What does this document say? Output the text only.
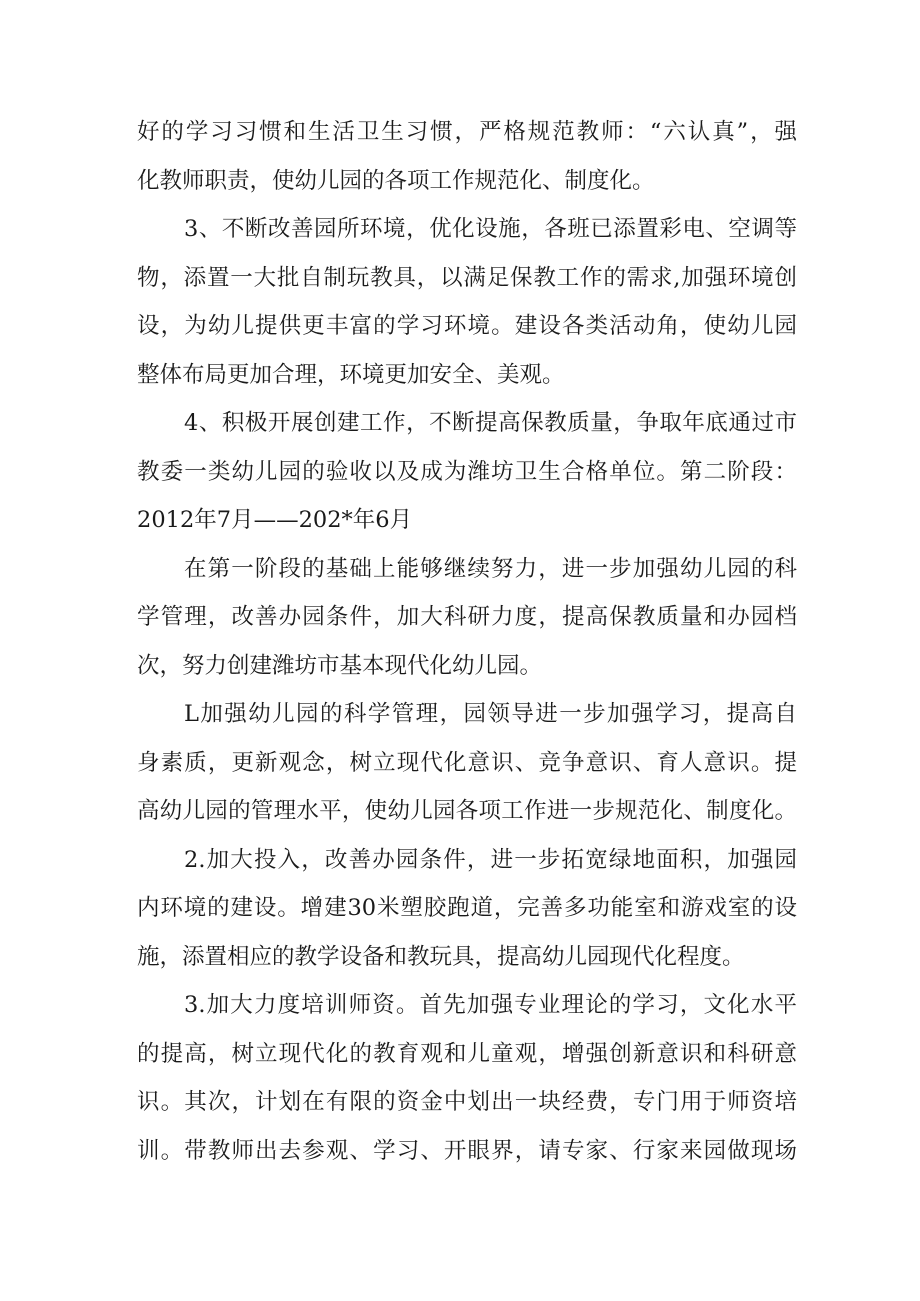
好的学习习惯和生活卫生习惯，严格规范教师：“六认真”，强
化教师职责，使幼儿园的各项工作规范化、制度化。
3、不断改善园所环境，优化设施，各班已添置彩电、空调等
物，添置一大批自制玩教具，以满足保教工作的需求,加强环境创
设，为幼儿提供更丰富的学习环境。建设各类活动角，使幼儿园
整体布局更加合理，环境更加安全、美观。
4、积极开展创建工作，不断提高保教质量，争取年底通过市
教委一类幼儿园的验收以及成为潍坊卫生合格单位。第二阶段：
2012年7月——202*年6月
在第一阶段的基础上能够继续努力，进一步加强幼儿园的科
学管理，改善办园条件，加大科研力度，提高保教质量和办园档
次，努力创建潍坊市基本现代化幼儿园。
L加强幼儿园的科学管理，园领导进一步加强学习，提高自
身素质，更新观念，树立现代化意识、竞争意识、育人意识。提
高幼儿园的管理水平，使幼儿园各项工作进一步规范化、制度化。
2.加大投入，改善办园条件，进一步拓宽绿地面积，加强园
内环境的建设。增建30米塑胶跑道，完善多功能室和游戏室的设
施，添置相应的教学设备和教玩具，提高幼儿园现代化程度。
3.加大力度培训师资。首先加强专业理论的学习，文化水平
的提高，树立现代化的教育观和儿童观，增强创新意识和科研意
识。其次，计划在有限的资金中划出一块经费，专门用于师资培
训。带教师出去参观、学习、开眼界，请专家、行家来园做现场
